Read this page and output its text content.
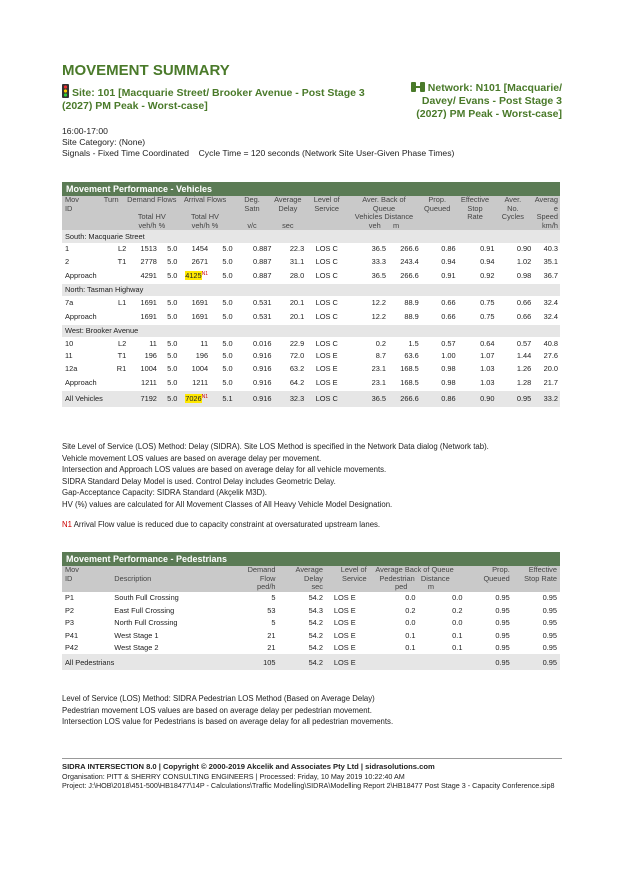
MOVEMENT SUMMARY
Site: 101 [Macquarie Street/ Brooker Avenue - Post Stage 3 (2027) PM Peak - Worst-case]
Network: N101 [Macquarie/ Davey/ Evans - Post Stage 3 (2027) PM Peak - Worst-case]
16:00-17:00
Site Category: (None)
Signals - Fixed Time Coordinated    Cycle Time = 120 seconds (Network Site User-Given Phase Times)
Movement Performance - Vehicles														
Mov
ID	Turn	Demand Flows

Total HV
veh/h %		Arrival Flows

Total HV
veh/h %		Deg.
Satn

v/c	Average
Delay

sec	Level of
Service	Aver. Back of
Queue
Vehicles Distance
veh m		Prop.
Queued	Effective
Stop
Rate	Aver.
No.
Cycles	Averag
e
Speed
km/h
South: Macquarie Street														
1	L2	1513	5.0	1454	5.0	0.887	22.3	LOS C	36.5	266.6	0.86	0.91	0.90	40.3
2	T1	2778	5.0	2671	5.0	0.887	31.1	LOS C	33.3	243.4	0.94	0.94	1.02	35.1
Approach		4291	5.0	$4125^{N1}$	5.0	0.887	28.0	LOS C	36.5	266.6	0.91	0.92	0.98	36.7
North: Tasman Highway														
7a	L1	1691	5.0	1691	5.0	0.531	20.1	LOS C	12.2	88.9	0.66	0.75	0.66	32.4
Approach		1691	5.0	1691	5.0	0.531	20.1	LOS C	12.2	88.9	0.66	0.75	0.66	32.4
West: Brooker Avenue														
10	L2	11	5.0	11	5.0	0.016	22.9	LOS C	0.2	1.5	0.57	0.64	0.57	40.8
11	T1	196	5.0	196	5.0	0.916	72.0	LOS E	8.7	63.6	1.00	1.07	1.44	27.6
12a	R1	1004	5.0	1004	5.0	0.916	63.2	LOS E	23.1	168.5	0.98	1.03	1.26	20.0
Approach		1211	5.0	1211	5.0	0.916	64.2	LOS E	23.1	168.5	0.98	1.03	1.28	21.7
All Vehicles		7192	5.0	$7026^{N1}$	5.1	0.916	32.3	LOS C	36.5	266.6	0.86	0.90	0.95	33.2
Site Level of Service (LOS) Method: Delay (SIDRA). Site LOS Method is specified in the Network Data dialog (Network tab).
Vehicle movement LOS values are based on average delay per movement.
Intersection and Approach LOS values are based on average delay for all vehicle movements.
SIDRA Standard Delay Model is used. Control Delay includes Geometric Delay.
Gap-Acceptance Capacity: SIDRA Standard (Akçelik M3D).
HV (%) values are calculated for All Movement Classes of All Heavy Vehicle Model Designation.
N1 Arrival Flow value is reduced due to capacity constraint at oversaturated upstream lanes.
Movement Performance - Pedestrians								
Mov
ID	Description	Demand
Flow
ped/h	Average
Delay
sec	Level of
Service	Average Back of Queue
Pedestrian Distance
ped m		Prop.
Queued	Effective
Stop Rate

P1	South Full Crossing	5	54.2	LOS E	0.0	0.0	0.95	0.95
P2	East Full Crossing	53	54.3	LOS E	0.2	0.2	0.95	0.95
P3	North Full Crossing	5	54.2	LOS E	0.0	0.0	0.95	0.95
P41	West Stage 1	21	54.2	LOS E	0.1	0.1	0.95	0.95
P42	West Stage 2	21	54.2	LOS E	0.1	0.1	0.95	0.95
All Pedestrians		105	54.2	LOS E			0.95	0.95
Level of Service (LOS) Method: SIDRA Pedestrian LOS Method (Based on Average Delay)
Pedestrian movement LOS values are based on average delay per pedestrian movement.
Intersection LOS value for Pedestrians is based on average delay for all pedestrian movements.
SIDRA INTERSECTION 8.0 | Copyright © 2000-2019 Akcelik and Associates Pty Ltd | sidrasolutions.com
Organisation: PITT & SHERRY CONSULTING ENGINEERS | Processed: Friday, 10 May 2019 10:22:40 AM
Project: J:\HOB\2018\451-500\HB18477\14P - Calculations\Traffic Modelling\SIDRA\Modelling Report 2\HB18477 Post Stage 3 - Capacity Conference.sip8
